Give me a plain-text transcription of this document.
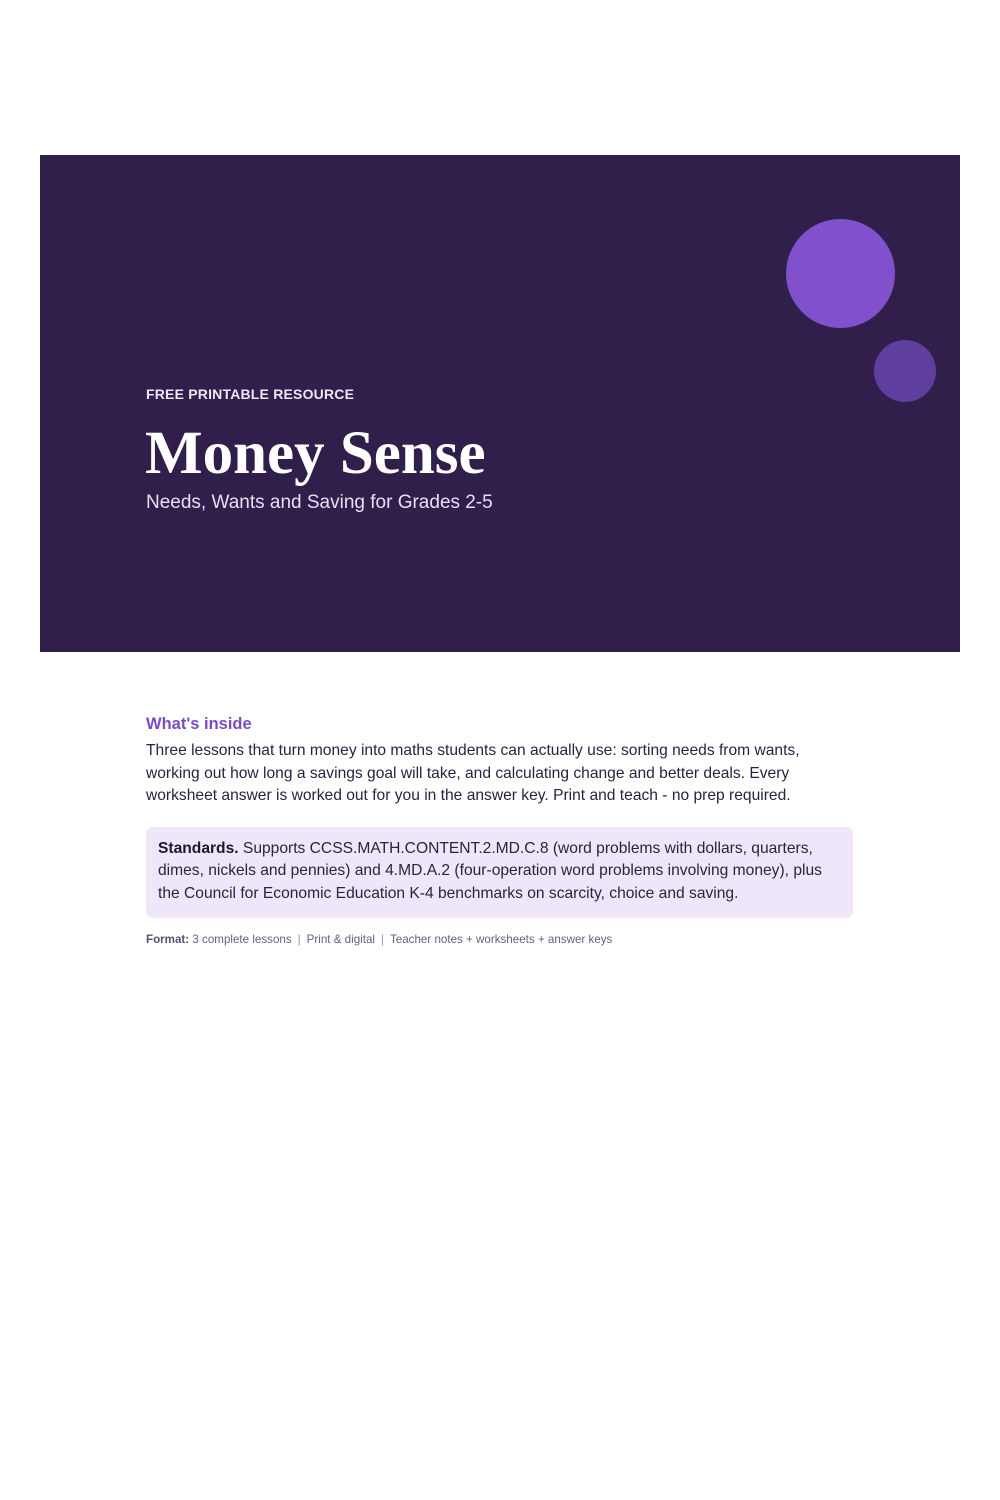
FREE PRINTABLE RESOURCE
Money Sense
Needs, Wants and Saving for Grades 2-5
What's inside

Three lessons that turn money into maths students can actually use: sorting needs from wants, working out how long a savings goal will take, and calculating change and better deals. Every worksheet answer is worked out for you in the answer key. Print and teach - no prep required.

Standards. Supports CCSS.MATH.CONTENT.2.MD.C.8 (word problems with dollars, quarters, dimes, nickels and pennies) and 4.MD.A.2 (four-operation word problems involving money), plus the Council for Economic Education K-4 benchmarks on scarcity, choice and saving.
Format: 3 complete lessons | Print & digital | Teacher notes + worksheets + answer keys
